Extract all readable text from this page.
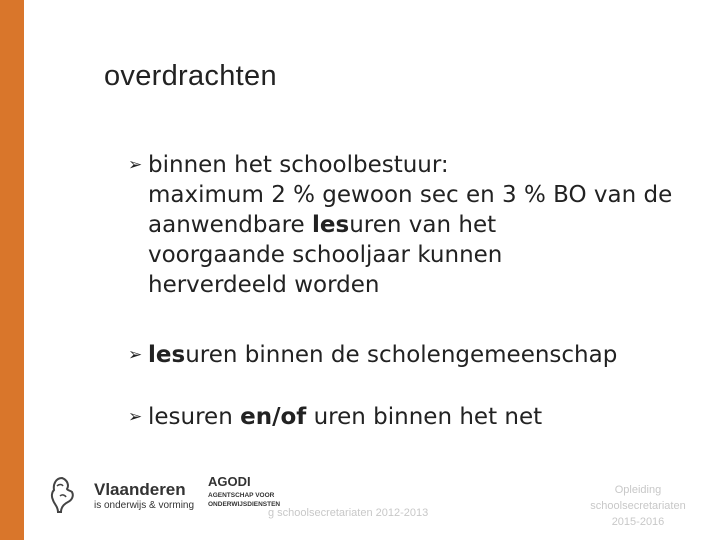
overdrachten
➢ binnen het schoolbestuur:
maximum 2 % gewoon sec en 3 % BO van de aanwendbare lesuren van het
voorgaande schooljaar kunnen
herverdeeld worden
➢ lesuren binnen de scholengemeenschap
➢ lesuren en/of uren binnen het net
Vlaanderen
is onderwijs & vorming
AGODI
AGENTSCHAP VOOR
ONDERWIJSDIENSTEN
g schoolsecretariaten 2012-2013
Opleiding
schoolsecretariaten
2015-2016
